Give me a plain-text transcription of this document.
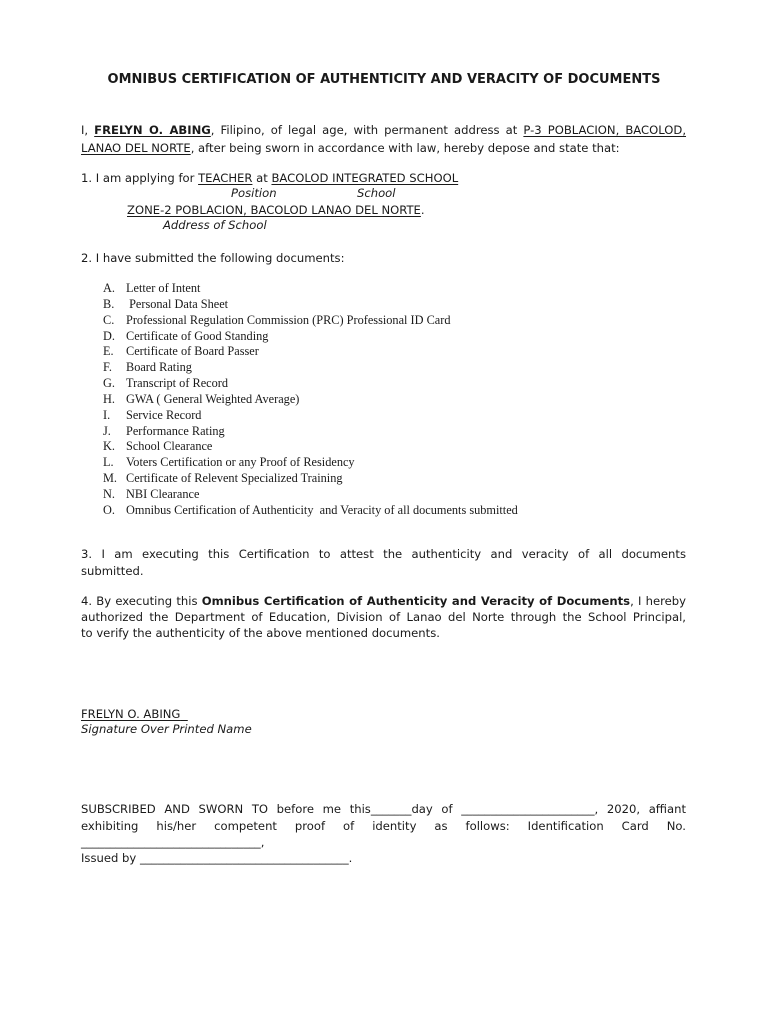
OMNIBUS CERTIFICATION OF AUTHENTICITY AND VERACITY OF DOCUMENTS
I, FRELYN O. ABING, Filipino, of legal age, with permanent address at P-3 POBLACION, BACOLOD,
LANAO DEL NORTE, after being sworn in accordance with law, hereby depose and state that:
1. I am applying for TEACHER at BACOLOD INTEGRATED SCHOOL
Position	School
ZONE-2 POBLACION, BACOLOD LANAO DEL NORTE.
Address of School
2. I have submitted the following documents:
A. Letter of Intent
B. Personal Data Sheet
C. Professional Regulation Commission (PRC) Professional ID Card
D. Certificate of Good Standing
E. Certificate of Board Passer
F. Board Rating
G. Transcript of Record
H. GWA ( General Weighted Average)
I. Service Record
J. Performance Rating
K. School Clearance
L. Voters Certification or any Proof of Residency
M. Certificate of Relevent Specialized Training
N. NBI Clearance
O. Omnibus Certification of Authenticity  and Veracity of all documents submitted
3. I am executing this Certification to attest the authenticity and veracity of all documents
submitted.
4. By executing this Omnibus Certification of Authenticity and Veracity of Documents, I hereby
authorized the Department of Education, Division of Lanao del Norte through the School Principal,
to verify the authenticity of the above mentioned documents.
FRELYN O. ABING
Signature Over Printed Name
SUBSCRIBED AND SWORN TO before me this_______day of _______________________, 2020, affiant
exhibiting his/her competent proof of identity as follows: Identification Card No.
_______________________________,
Issued by ____________________________________.
